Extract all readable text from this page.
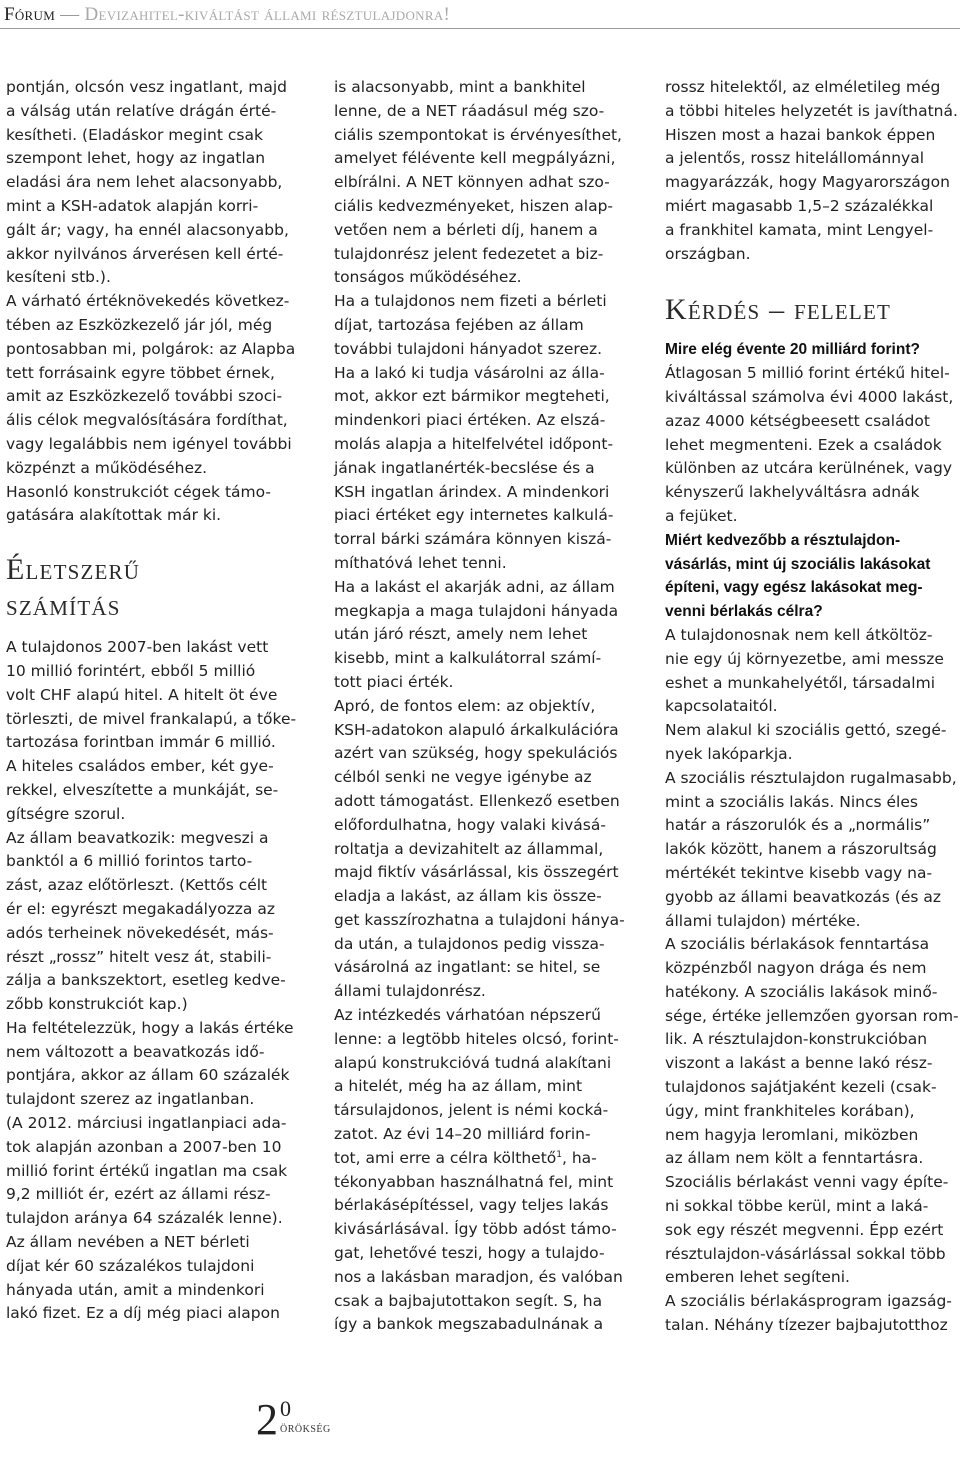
Fórum — Devizahitel-kiváltást állami résztulajdonra!

pontján, olcsón vesz ingatlant, majd
a válság után relatíve drágán érté-
kesítheti. (Eladáskor megint csak
szempont lehet, hogy az ingatlan
eladási ára nem lehet alacsonyabb,
mint a KSH-adatok alapján korri-
gált ár; vagy, ha ennél alacsonyabb,
akkor nyilvános árverésen kell érté-
kesíteni stb.).

A várható értéknövekedés következ-
tében az Eszközkezelő jár jól, még
pontosabban mi, polgárok: az Alapba
tett forrásaink egyre többet érnek,
amit az Eszközkezelő további szoci-
ális célok megvalósítására fordíthat,
vagy legalábbis nem igényel további
közpénzt a működéséhez.

Hasonló konstrukciót cégek támo-
gatására alakítottak már ki.

Életszerű
számítás

A tulajdonos 2007-ben lakást vett
10 millió forintért, ebből 5 millió
volt CHF alapú hitel. A hitelt öt éve
törleszti, de mivel frankalapú, a tőke-
tartozása forintban immár 6 millió.

A hiteles családos ember, két gye-
rekkel, elveszítette a munkáját, se-
gítségre szorul.

Az állam beavatkozik: megveszi a
banktól a 6 millió forintos tarto-
zást, azaz előtörleszt. (Kettős célt
ér el: egyrészt megakadályozza az
adós terheinek növekedését, más-
részt „rossz” hitelt vesz át, stabili-
zálja a bankszektort, esetleg kedve-
zőbb konstrukciót kap.)

Ha feltételezzük, hogy a lakás értéke
nem változott a beavatkozás idő-
pontjára, akkor az állam 60 százalék
tulajdont szerez az ingatlanban.
(A 2012. márciusi ingatlanpiaci ada-
tok alapján azonban a 2007-ben 10
millió forint értékű ingatlan ma csak
9,2 milliót ér, ezért az állami rész-
tulajdon aránya 64 százalék lenne).

Az állam nevében a NET bérleti
díjat kér 60 százalékos tulajdoni
hányada után, amit a mindenkori
lakó fizet. Ez a díj még piaci alapon

is alacsonyabb, mint a bankhitel
lenne, de a NET ráadásul még szo-
ciális szempontokat is érvényesíthet,
amelyet félévente kell megpályázni,
elbírálni. A NET könnyen adhat szo-
ciális kedvezményeket, hiszen alap-
vetően nem a bérleti díj, hanem a
tulajdonrész jelent fedezetet a biz-
tonságos működéséhez.

Ha a tulajdonos nem fizeti a bérleti
díjat, tartozása fejében az állam
további tulajdoni hányadot szerez.

Ha a lakó ki tudja vásárolni az álla-
mot, akkor ezt bármikor megteheti,
mindenkori piaci értéken. Az elszá-
molás alapja a hitelfelvétel időpont-
jának ingatlanérték-becslése és a
KSH ingatlan árindex. A mindenkori
piaci értéket egy internetes kalkulá-
torral bárki számára könnyen kiszá-
míthatóvá lehet tenni.

Ha a lakást el akarják adni, az állam
megkapja a maga tulajdoni hányada
után járó részt, amely nem lehet
kisebb, mint a kalkulátorral számí-
tott piaci érték.

Apró, de fontos elem: az objektív,
KSH-adatokon alapuló árkalkulációra
azért van szükség, hogy spekulációs
célból senki ne vegye igénybe az
adott támogatást. Ellenkező esetben
előfordulhatna, hogy valaki kivásá-
roltatja a devizahitelt az állammal,
majd fiktív vásárlással, kis összegért
eladja a lakást, az állam kis össze-
get kasszírozhatna a tulajdoni hánya-
da után, a tulajdonos pedig vissza-
vásárolná az ingatlant: se hitel, se
állami tulajdonrész.

Az intézkedés várhatóan népszerű
lenne: a legtöbb hiteles olcsó, forint-
alapú konstrukcióvá tudná alakítani
a hitelét, még ha az állam, mint
társulajdonos, jelent is némi kocká-
zatot. Az évi 14–20 milliárd forin-
tot, ami erre a célra költhető$^1$, ha-
tékonyabban használhatná fel, mint
bérlakásépítéssel, vagy teljes lakás
kivásárlásával. Így több adóst támo-
gat, lehetővé teszi, hogy a tulajdo-
nos a lakásban maradjon, és valóban
csak a bajbajutottakon segít. S, ha
így a bankok megszabadulnának a

rossz hitelektől, az elméletileg még
a többi hiteles helyzetét is javíthatná.
Hiszen most a hazai bankok éppen
a jelentős, rossz hitelállománnyal
magyarázzák, hogy Magyarországon
miért magasabb 1,5–2 százalékkal
a frankhitel kamata, mint Lengyel-
országban.

Kérdés – felelet

Mire elég évente 20 milliárd forint?

Átlagosan 5 millió forint értékű hitel-
kiváltással számolva évi 4000 lakást,
azaz 4000 kétségbeesett családot
lehet megmenteni. Ezek a családok
különben az utcára kerülnének, vagy
kényszerű lakhelyváltásra adnák
a fejüket.

Miért kedvezőbb a résztulajdon-
vásárlás, mint új szociális lakásokat
építeni, vagy egész lakásokat meg-
venni bérlakás célra?

A tulajdonosnak nem kell átköltöz-
nie egy új környezetbe, ami messze
eshet a munkahelyétől, társadalmi
kapcsolataitól.

Nem alakul ki szociális gettó, szegé-
nyek lakóparkja.

A szociális résztulajdon rugalmasabb,
mint a szociális lakás. Nincs éles
határ a rászorulók és a „normális”
lakók között, hanem a rászorultság
mértékét tekintve kisebb vagy na-
gyobb az állami beavatkozás (és az
állami tulajdon) mértéke.

A szociális bérlakások fenntartása
közpénzből nagyon drága és nem
hatékony. A szociális lakások minő-
sége, értéke jellemzően gyorsan rom-
lik. A résztulajdon-konstrukcióban
viszont a lakást a benne lakó rész-
tulajdonos sajátjaként kezeli (csak-
úgy, mint frankhiteles korában),
nem hagyja leromlani, miközben
az állam nem költ a fenntartásra.

Szociális bérlakást venni vagy építe-
ni sokkal többe kerül, mint a laká-
sok egy részét megvenni. Épp ezért
résztulajdon-vásárlással sokkal több
emberen lehet segíteni.

A szociális bérlakásprogram igazság-
talan. Néhány tízezer bajbajutotthoz

2 0
ÖRÖKSÉG
